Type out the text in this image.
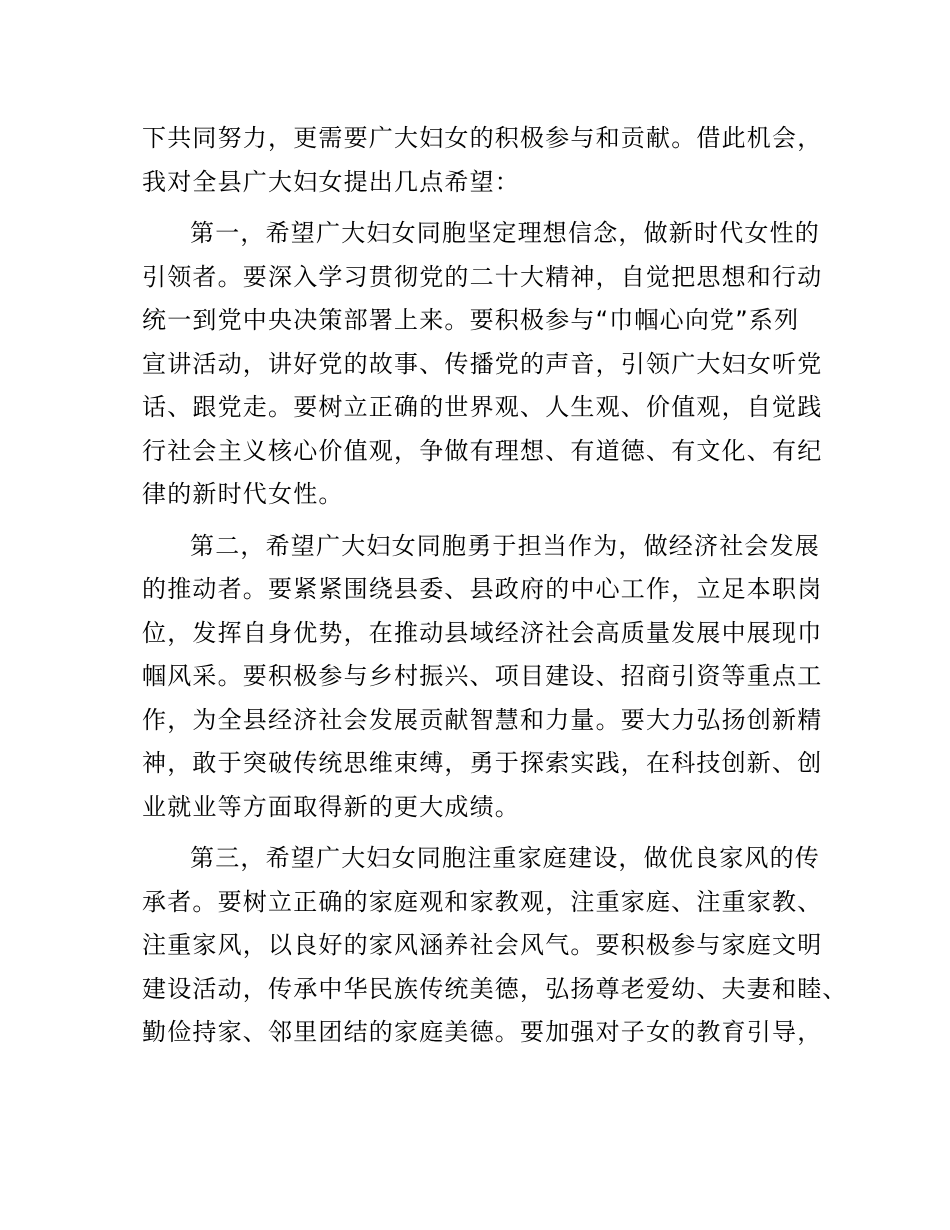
下共同努力，更需要广大妇女的积极参与和贡献。借此机会，
我对全县广大妇女提出几点希望：

第一，希望广大妇女同胞坚定理想信念，做新时代女性的
引领者。要深入学习贯彻党的二十大精神，自觉把思想和行动
统一到党中央决策部署上来。要积极参与“巾帼心向党”系列
宣讲活动，讲好党的故事、传播党的声音，引领广大妇女听党
话、跟党走。要树立正确的世界观、人生观、价值观，自觉践
行社会主义核心价值观，争做有理想、有道德、有文化、有纪
律的新时代女性。

第二，希望广大妇女同胞勇于担当作为，做经济社会发展
的推动者。要紧紧围绕县委、县政府的中心工作，立足本职岗
位，发挥自身优势，在推动县域经济社会高质量发展中展现巾
帼风采。要积极参与乡村振兴、项目建设、招商引资等重点工
作，为全县经济社会发展贡献智慧和力量。要大力弘扬创新精
神，敢于突破传统思维束缚，勇于探索实践，在科技创新、创
业就业等方面取得新的更大成绩。

第三，希望广大妇女同胞注重家庭建设，做优良家风的传
承者。要树立正确的家庭观和家教观，注重家庭、注重家教、
注重家风，以良好的家风涵养社会风气。要积极参与家庭文明
建设活动，传承中华民族传统美德，弘扬尊老爱幼、夫妻和睦、
勤俭持家、邻里团结的家庭美德。要加强对子女的教育引导，
